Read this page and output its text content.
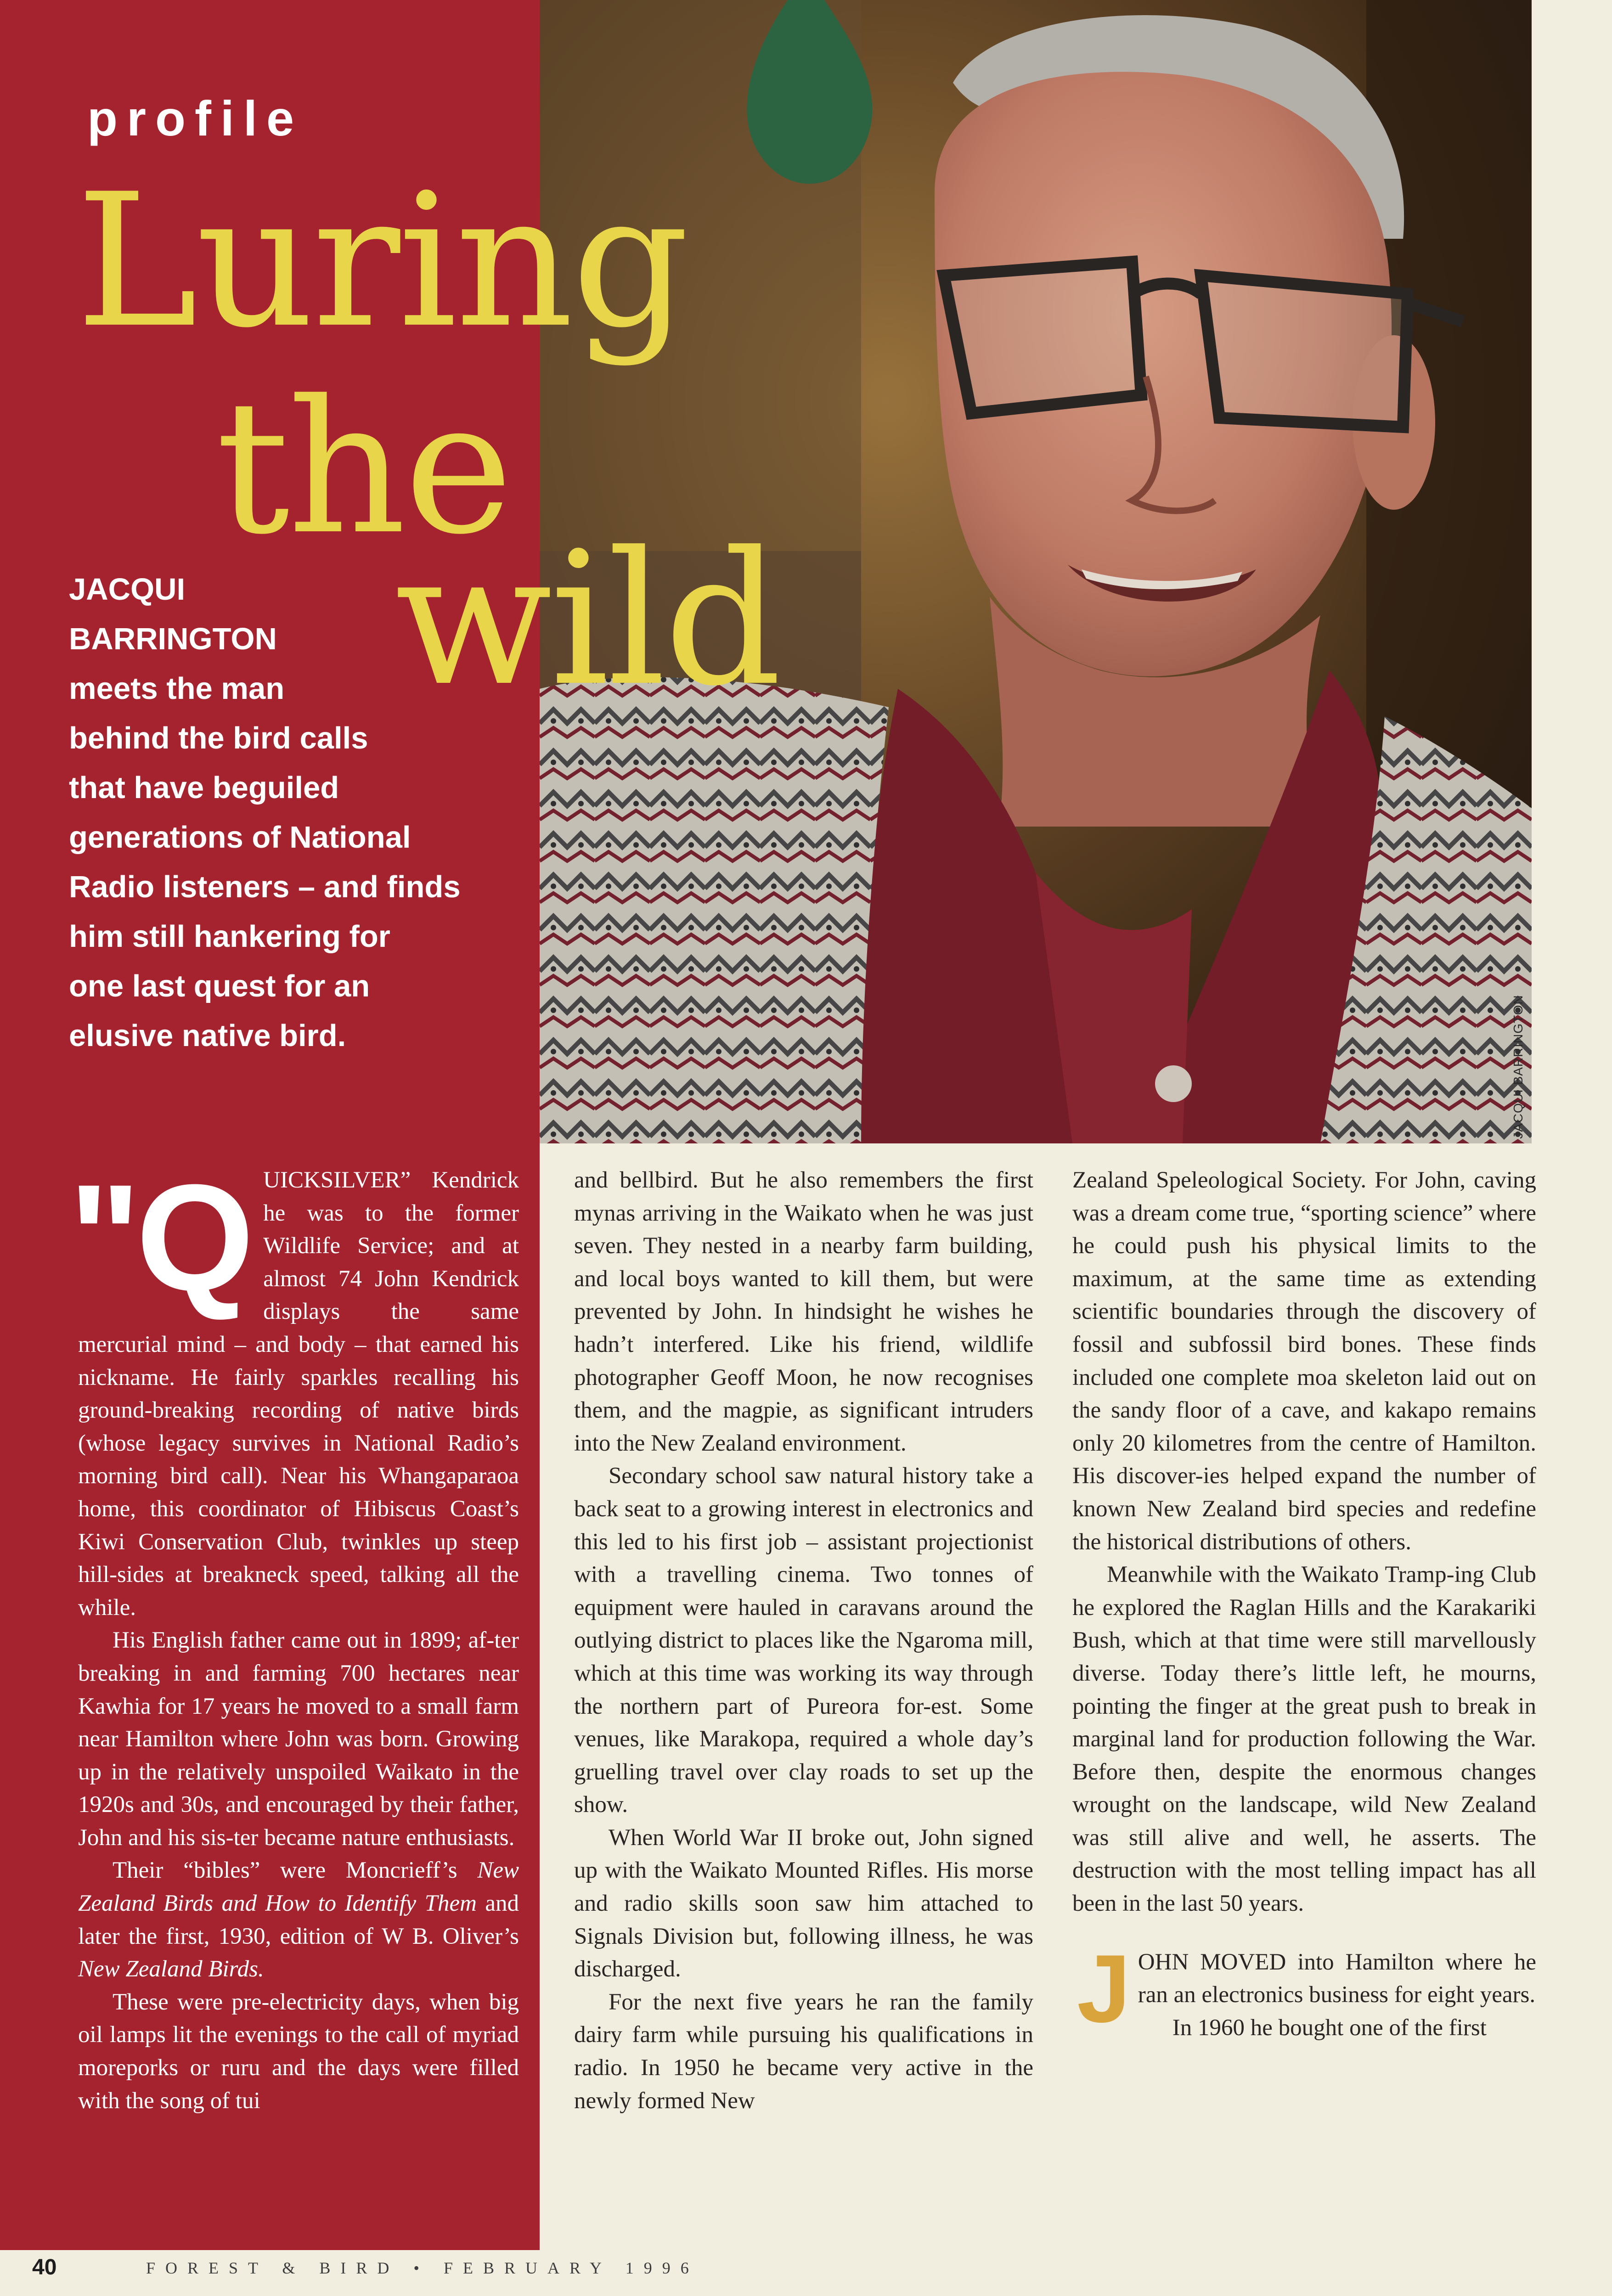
JACQUI BARRINGTON
profile
Luring
the
wild

JACQUI
BARRINGTON
meets the man
behind the bird calls
that have beguiled
generations of National
Radio listeners – and finds
him still hankering for
one last quest for an
elusive native bird.

"Q UICKSILVER” Kendrick he was to the former Wildlife Service; and at almost 74 John Kendrick displays the same mercurial mind – and body – that earned his nickname. He fairly sparkles recalling his ground-breaking recording of native birds (whose legacy survives in National Radio’s morning bird call). Near his Whangaparaoa home, this coordinator of Hibiscus Coast’s Kiwi Conservation Club, twinkles up steep hill-sides at breakneck speed, talking all the while.

His English father came out in 1899; af-ter breaking in and farming 700 hectares near Kawhia for 17 years he moved to a small farm near Hamilton where John was born. Growing up in the relatively unspoiled Waikato in the 1920s and 30s, and encouraged by their father, John and his sis-ter became nature enthusiasts.

Their “bibles” were Moncrieff’s New Zealand Birds and How to Identify Them and later the first, 1930, edition of W B. Oliver’s New Zealand Birds.

These were pre-electricity days, when big oil lamps lit the evenings to the call of myriad moreporks or ruru and the days were filled with the song of tui

and bellbird. But he also remembers the first mynas arriving in the Waikato when he was just seven. They nested in a nearby farm building, and local boys wanted to kill them, but were prevented by John. In hindsight he wishes he hadn’t interfered. Like his friend, wildlife photographer Geoff Moon, he now recognises them, and the magpie, as significant intruders into the New Zealand environment.

Secondary school saw natural history take a back seat to a growing interest in electronics and this led to his first job – assistant projectionist with a travelling cinema. Two tonnes of equipment were hauled in caravans around the outlying district to places like the Ngaroma mill, which at this time was working its way through the northern part of Pureora for-est. Some venues, like Marakopa, required a whole day’s gruelling travel over clay roads to set up the show.

When World War II broke out, John signed up with the Waikato Mounted Rifles. His morse and radio skills soon saw him attached to Signals Division but, following illness, he was discharged.

For the next five years he ran the family dairy farm while pursuing his qualifications in radio. In 1950 he became very active in the newly formed New

Zealand Speleological Society. For John, caving was a dream come true, “sporting science” where he could push his physical limits to the maximum, at the same time as extending scientific boundaries through the discovery of fossil and subfossil bird bones. These finds included one complete moa skeleton laid out on the sandy floor of a cave, and kakapo remains only 20 kilometres from the centre of Hamilton. His discover-ies helped expand the number of known New Zealand bird species and redefine the historical distributions of others.

Meanwhile with the Waikato Tramp-ing Club he explored the Raglan Hills and the Karakariki Bush, which at that time were still marvellously diverse. Today there’s little left, he mourns, pointing the finger at the great push to break in marginal land for production following the War. Before then, despite the enormous changes wrought on the landscape, wild New Zealand was still alive and well, he asserts. The destruction with the most telling impact has all been in the last 50 years.

J OHN MOVED into Hamilton where he ran an electronics business for eight years.

In 1960 he bought one of the first

40	FOREST & BIRD • FEBRUARY 1996
